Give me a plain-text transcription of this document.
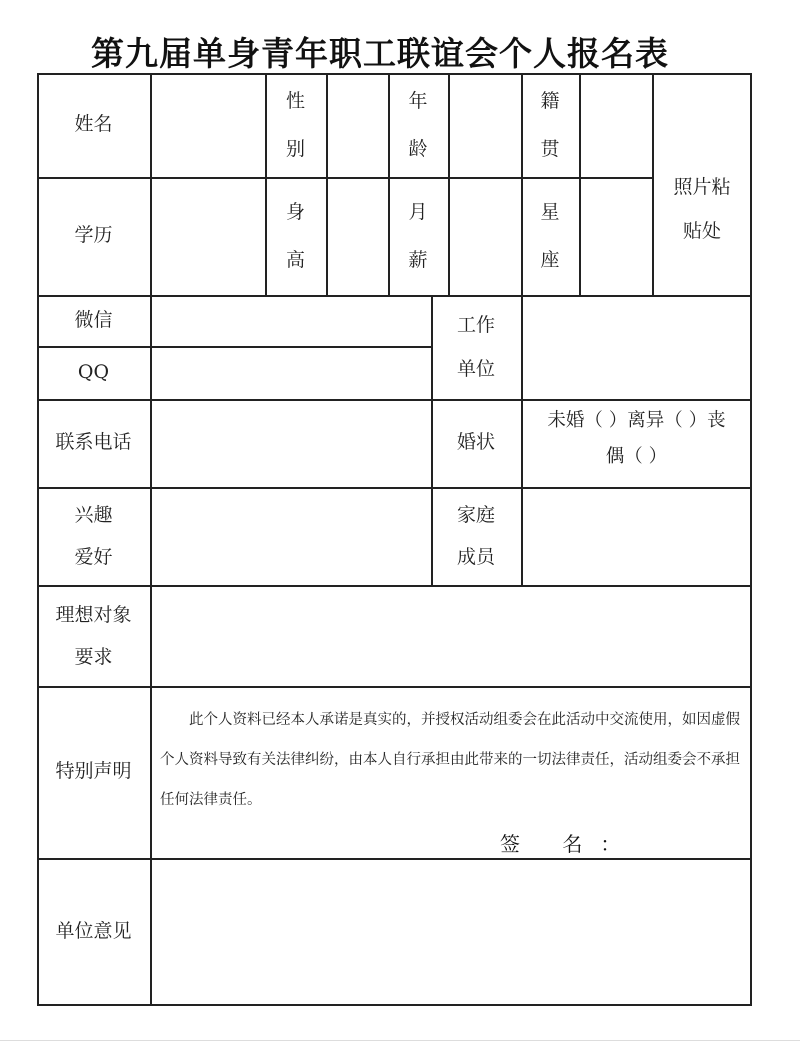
第九届单身青年职工联谊会个人报名表
姓名
性
别
年
龄
籍
贯
照片粘
贴处
学历
身
高
月
薪
星
座
微信
QQ
工作
单位
联系电话	婚状
未婚（ ）离异（ ）丧
偶（ ）
兴趣
爱好
家庭
成员
理想对象
要求
特别声明
此个人资料已经本人承诺是真实的，并授权活动组委会在此活动中交流使用，如因虚假个人资料导致有关法律纠纷，由本人自行承担由此带来的一切法律责任，活动组委会不承担任何法律责任。
签 名：
单位意见
